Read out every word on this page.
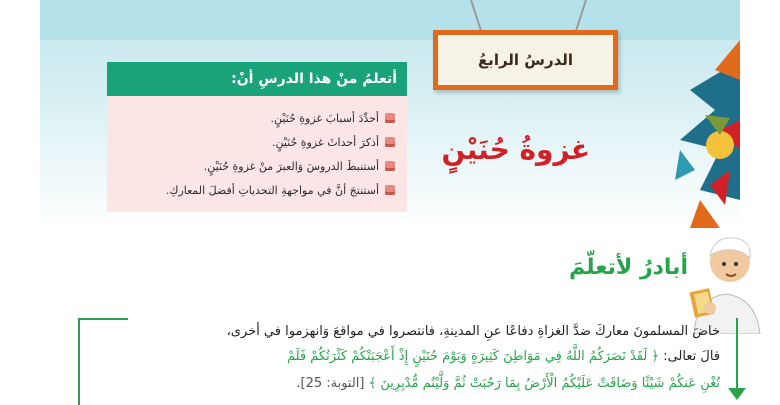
الدرسُ الرابعُ
غزوةُ حُنَيْنٍ
أتعلمُ منْ هذا الدرسِ أنْ:
أحدِّدَ أسبابَ غزوةِ حُنَيْنٍ.
أذكرَ أحداثَ غزوةِ حُنَيْنٍ.
أستنبطَ الدروسَ وَالعبرَ منْ غزوةِ حُنَيْنٍ.
أستنتجَ أنَّ في مواجهةِ التحدياتِ أفضلَ المعاركِ.
أبادرُ لأتعلّمَ
خاضَ المسلمونَ معاركَ ضدَّ الغزاةِ دفاعًا عنِ المدينةِ، فانتصروا في مواقعَ وَانهزموا في أخرى،
قالَ تعالى: ﴿ لَقَدْ نَصَرَكُمُ اللَّهُ فِي مَوَاطِنَ كَثِيرَةٍ وَيَوْمَ حُنَيْنٍ إِذْ أَعْجَبَتْكُمْ كَثْرَتُكُمْ فَلَمْ
تُغْنِ عَنكُمْ شَيْئًا وَضَاقَتْ عَلَيْكُمُ الْأَرْضُ بِمَا رَحُبَتْ ثُمَّ وَلَّيْتُم مُّدْبِرِينَ ﴾ [التوبة: 25].
